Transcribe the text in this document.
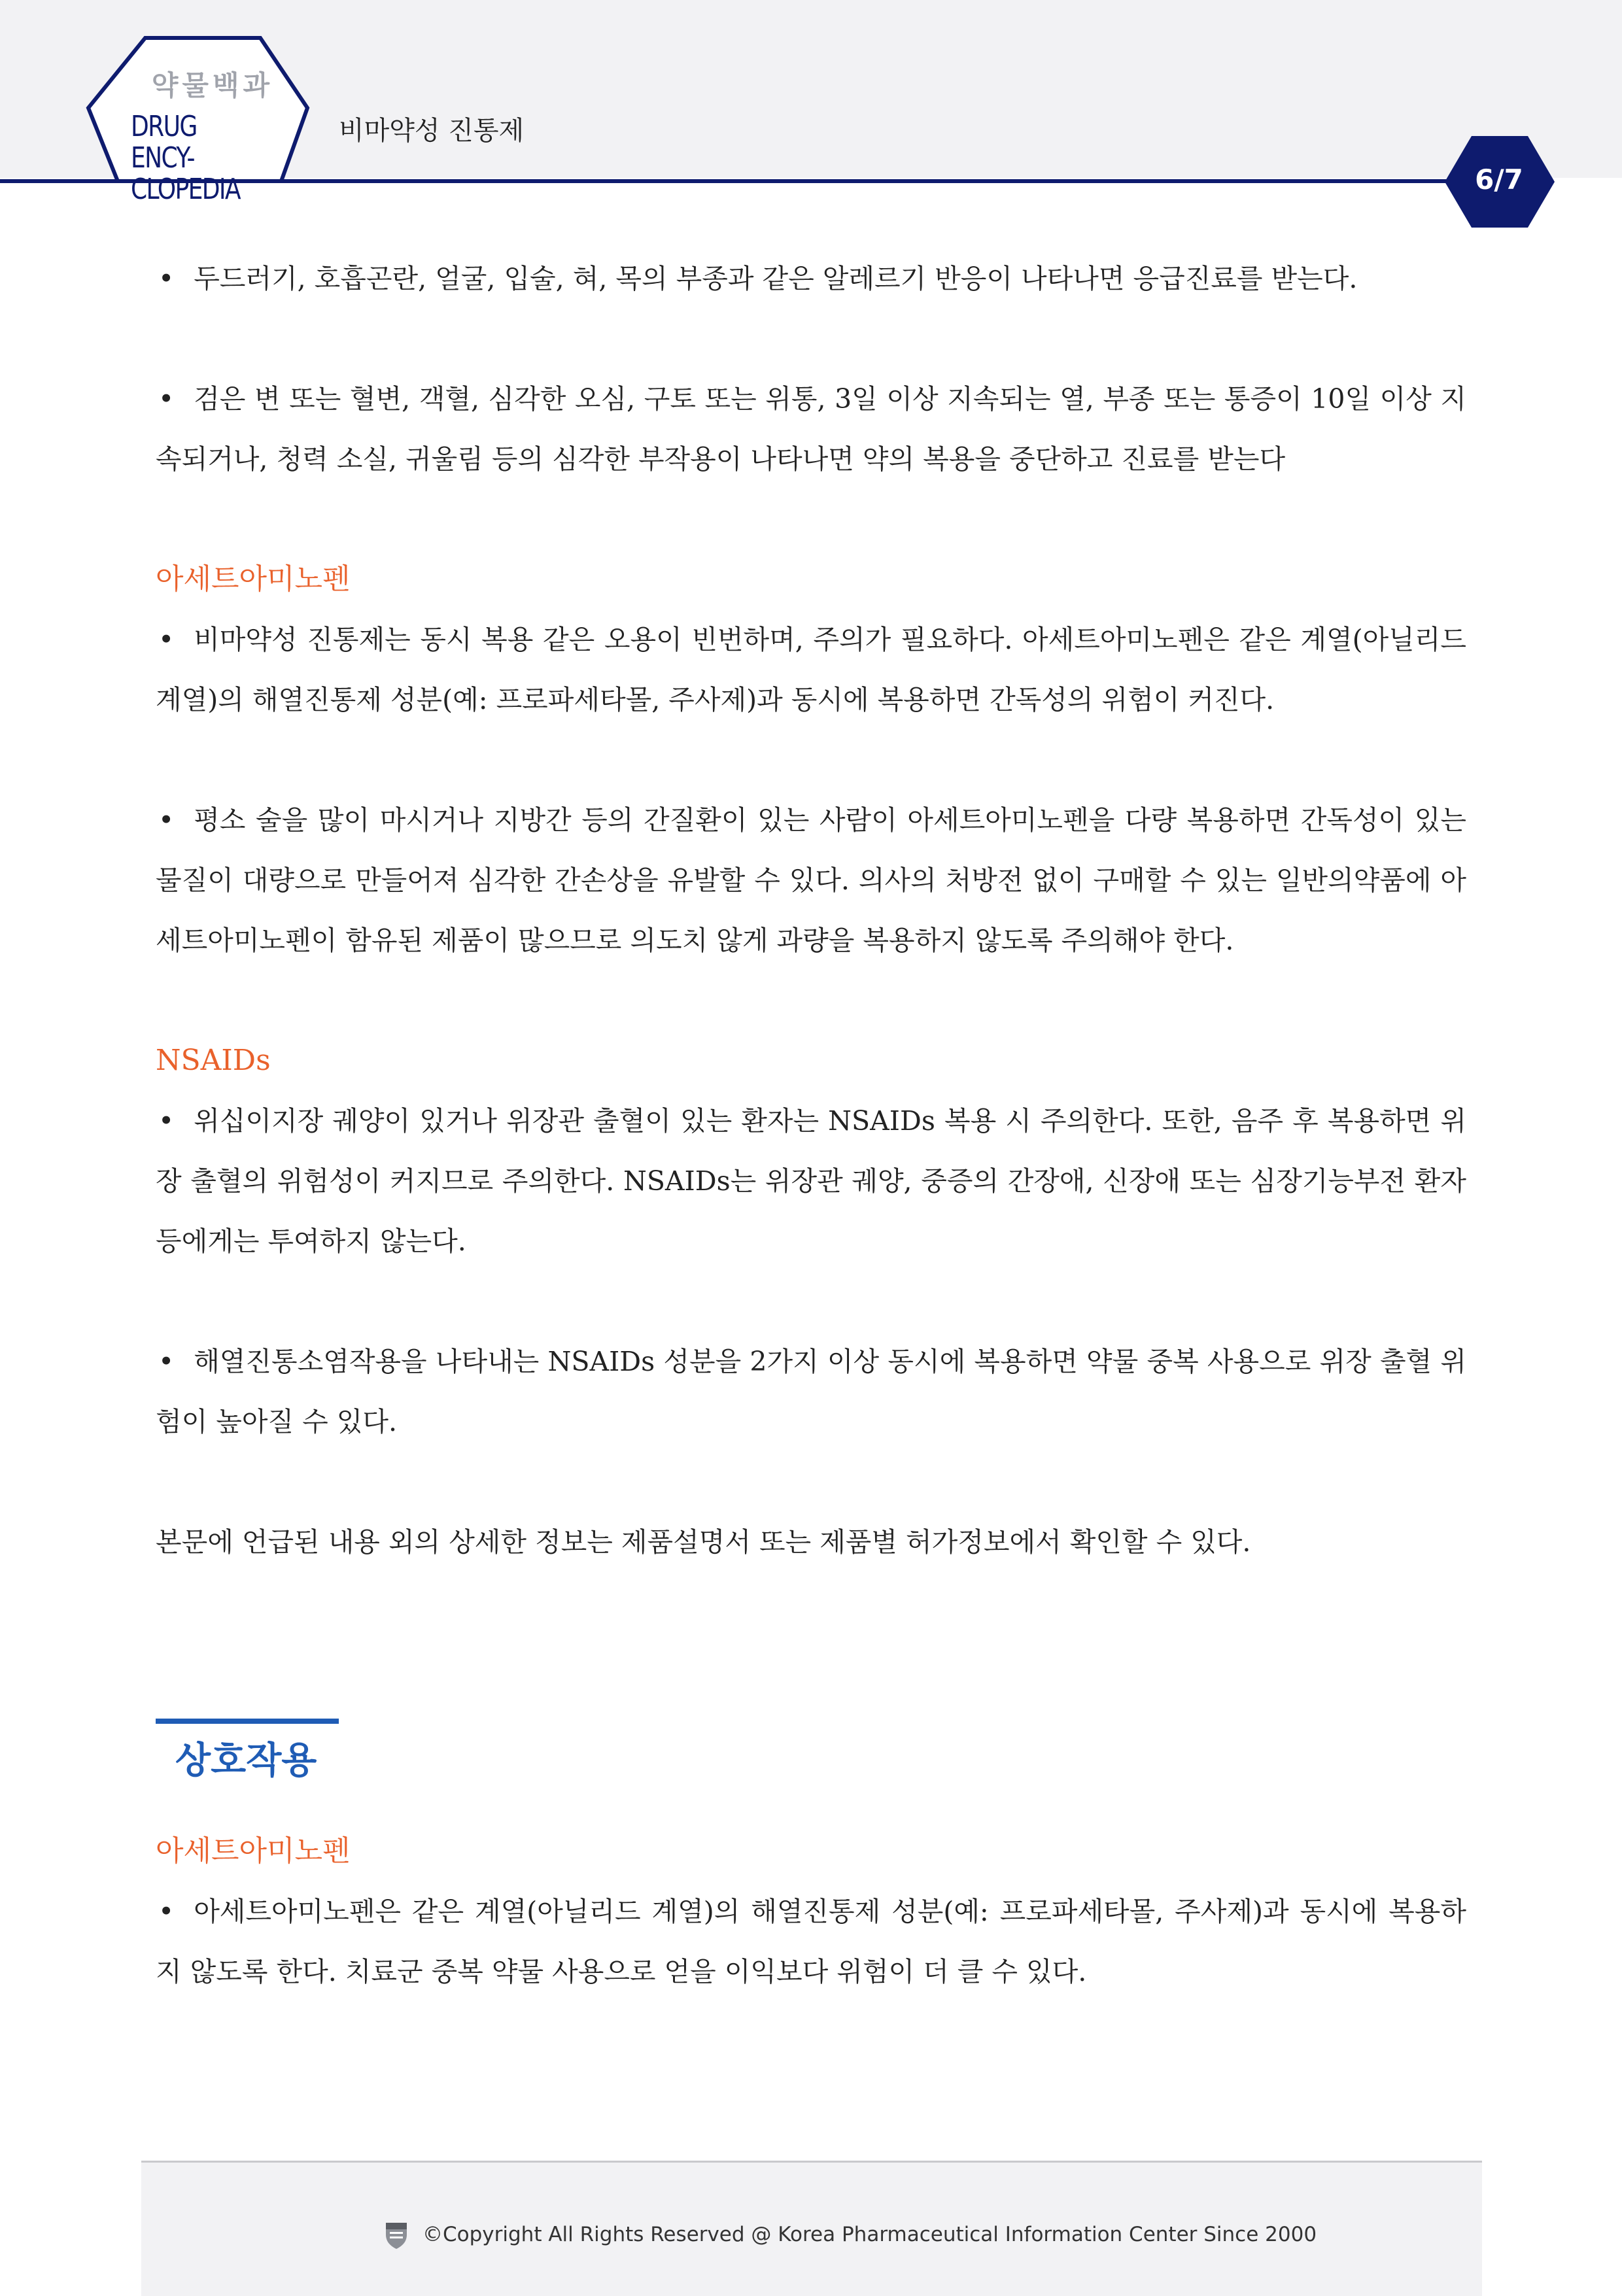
약물백과
DRUG ENCY-
CLOPEDIA
비마약성 진통제
6/7

• 두드러기, 호흡곤란, 얼굴, 입술, 혀, 목의 부종과 같은 알레르기 반응이 나타나면 응급진료를 받는다.

• 검은 변 또는 혈변, 객혈, 심각한 오심, 구토 또는 위통, 3일 이상 지속되는 열, 부종 또는 통증이 10일 이상 지속되거나, 청력 소실, 귀울림 등의 심각한 부작용이 나타나면 약의 복용을 중단하고 진료를 받는다

아세트아미노펜

• 비마약성 진통제는 동시 복용 같은 오용이 빈번하며, 주의가 필요하다. 아세트아미노펜은 같은 계열(아닐리드 계열)의 해열진통제 성분(예: 프로파세타몰, 주사제)과 동시에 복용하면 간독성의 위험이 커진다.

• 평소 술을 많이 마시거나 지방간 등의 간질환이 있는 사람이 아세트아미노펜을 다량 복용하면 간독성이 있는 물질이 대량으로 만들어져 심각한 간손상을 유발할 수 있다. 의사의 처방전 없이 구매할 수 있는 일반의약품에 아세트아미노펜이 함유된 제품이 많으므로 의도치 않게 과량을 복용하지 않도록 주의해야 한다.

NSAIDs

• 위십이지장 궤양이 있거나 위장관 출혈이 있는 환자는 NSAIDs 복용 시 주의한다. 또한, 음주 후 복용하면 위장 출혈의 위험성이 커지므로 주의한다. NSAIDs는 위장관 궤양, 중증의 간장애, 신장애 또는 심장기능부전 환자 등에게는 투여하지 않는다.

• 해열진통소염작용을 나타내는 NSAIDs 성분을 2가지 이상 동시에 복용하면 약물 중복 사용으로 위장 출혈 위험이 높아질 수 있다.

본문에 언급된 내용 외의 상세한 정보는 제품설명서 또는 제품별 허가정보에서 확인할 수 있다.

상호작용

아세트아미노펜

• 아세트아미노펜은 같은 계열(아닐리드 계열)의 해열진통제 성분(예: 프로파세타몰, 주사제)과 동시에 복용하지 않도록 한다. 치료군 중복 약물 사용으로 얻을 이익보다 위험이 더 클 수 있다.

©Copyright All Rights Reserved @ Korea Pharmaceutical Information Center Since 2000
